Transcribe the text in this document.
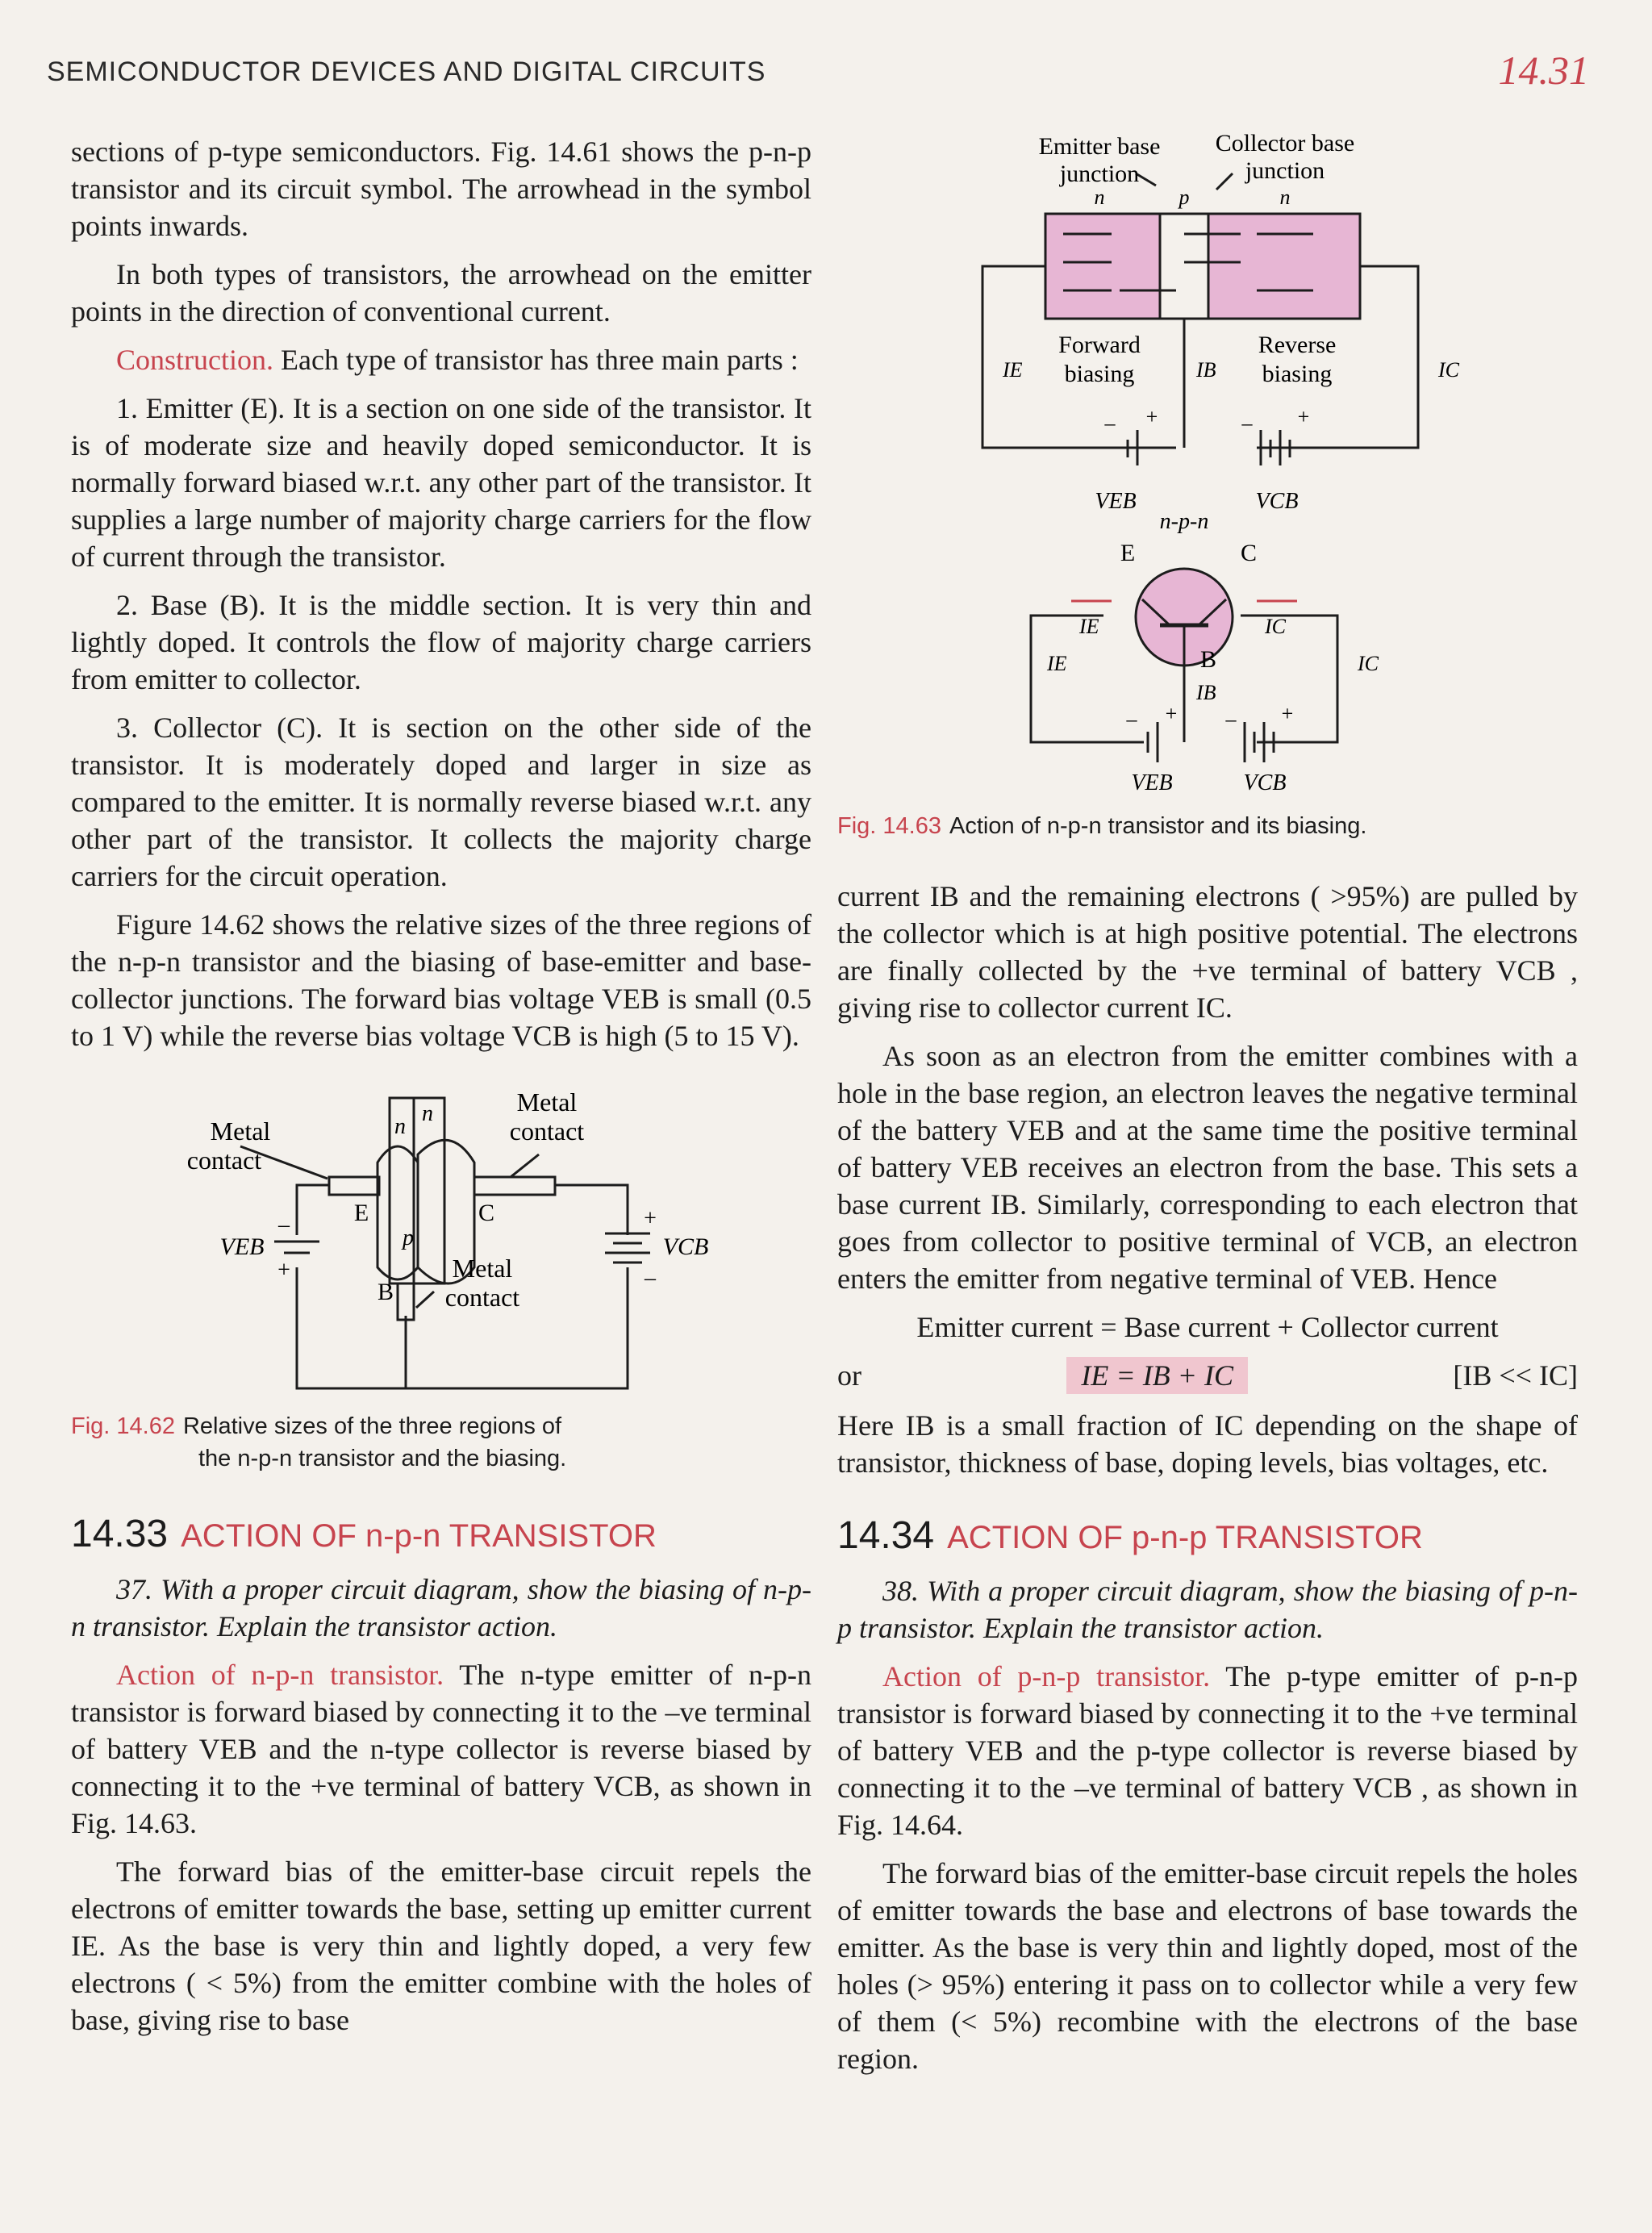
SEMICONDUCTOR DEVICES AND DIGITAL CIRCUITS	14.31

sections of p-type semiconductors. Fig. 14.61 shows the p-n-p transistor and its circuit symbol. The arrowhead in the symbol points inwards.

In both types of transistors, the arrowhead on the emitter points in the direction of conventional current.

Construction. Each type of transistor has three main parts :

1. Emitter (E). It is a section on one side of the transistor. It is of moderate size and heavily doped semiconductor. It is normally forward biased w.r.t. any other part of the transistor. It supplies a large number of majority charge carriers for the flow of current through the transistor.

2. Base (B). It is the middle section. It is very thin and lightly doped. It controls the flow of majority charge carriers from emitter to collector.

3. Collector (C). It is section on the other side of the transistor. It is moderately doped and larger in size as compared to the emitter. It is normally reverse biased w.r.t. any other part of the transistor. It collects the majority charge carriers for the circuit operation.

Figure 14.62 shows the relative sizes of the three regions of the n-p-n transistor and the biasing of base-emitter and base-collector junctions. The forward bias voltage VEB is small (0.5 to 1 V) while the reverse bias voltage VCB is high (5 to 15 V).

Metal
contact
Metal
contact
Metal
contact
n
n
p
E	C
B
VEB	VCB
–
+
+
–
Fig. 14.62 Relative sizes of the three regions of
the n-p-n transistor and the biasing.
14.33 ACTION OF n-p-n TRANSISTOR

37. With a proper circuit diagram, show the biasing of n-p-n transistor. Explain the transistor action.

Action of n-p-n transistor. The n-type emitter of n-p-n transistor is forward biased by connecting it to the –ve terminal of battery VEB and the n-type collector is reverse biased by connecting it to the +ve terminal of battery VCB, as shown in Fig. 14.63.

The forward bias of the emitter-base circuit repels the electrons of emitter towards the base, setting up emitter current IE. As the base is very thin and lightly doped, a very few electrons ( < 5%) from the emitter combine with the holes of base, giving rise to base

Emitter base
junction
Collector base
junction
n	p	n
Forward
biasing
Reverse
biasing
IE	IB	IC
VEB	VCB
n-p-n
E	C
B
IE	IC
IE
IB
IC
VEB	VCB
– +	– +
– + – +
Fig. 14.63 Action of n-p-n transistor and its biasing.

current IB and the remaining electrons ( >95%) are pulled by the collector which is at high positive potential. The electrons are finally collected by the +ve terminal of battery VCB , giving rise to collector current IC.

As soon as an electron from the emitter combines with a hole in the base region, an electron leaves the negative terminal of the battery VEB and at the same time the positive terminal of battery VEB receives an electron from the base. This sets a base current IB. Similarly, corresponding to each electron that goes from collector to positive terminal of VCB, an electron enters the emitter from negative terminal of VEB. Hence

Emitter current = Base current + Collector current

or	IE = IB + IC	[IB << IC]

Here IB is a small fraction of IC depending on the shape of transistor, thickness of base, doping levels, bias voltages, etc.

14.34 ACTION OF p-n-p TRANSISTOR

38. With a proper circuit diagram, show the biasing of p-n-p transistor. Explain the transistor action.

Action of p-n-p transistor. The p-type emitter of p-n-p transistor is forward biased by connecting it to the +ve terminal of battery VEB and the p-type collector is reverse biased by connecting it to the –ve terminal of battery VCB , as shown in Fig. 14.64.

The forward bias of the emitter-base circuit repels the holes of emitter towards the base and electrons of base towards the emitter. As the base is very thin and lightly doped, most of the holes (> 95%) entering it pass on to collector while a very few of them (< 5%) recombine with the electrons of the base region.
